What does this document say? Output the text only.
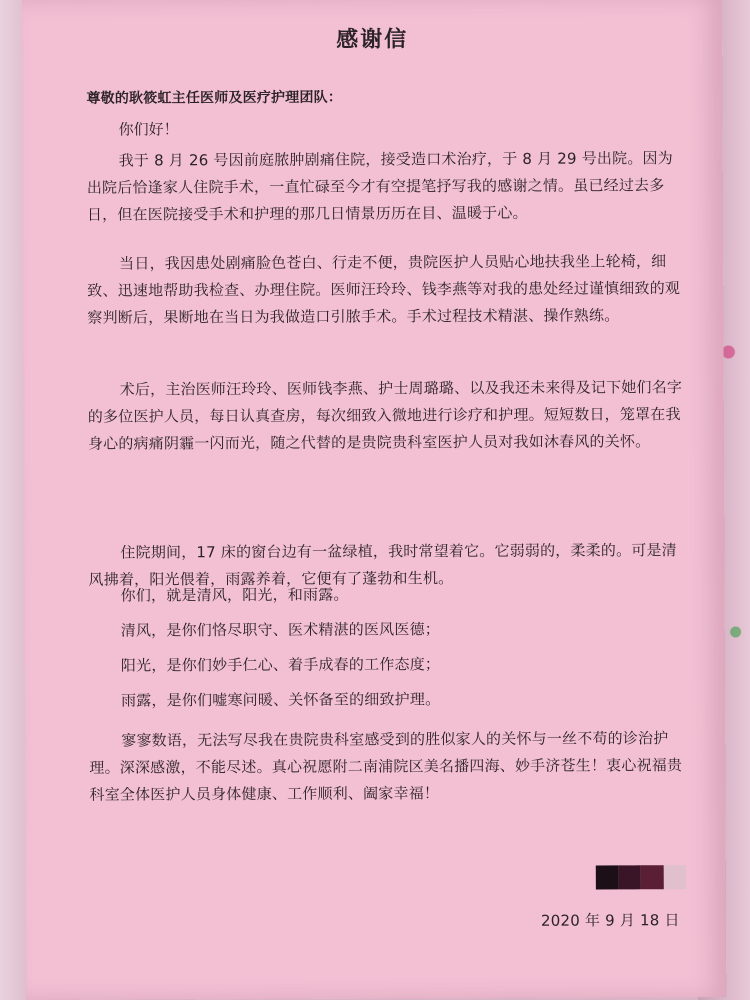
感谢信
尊敬的耿筱虹主任医师及医疗护理团队：
你们好！
我于 8 月 26 号因前庭脓肿剧痛住院，接受造口术治疗，于 8 月 29 号出院。因为出院后恰逢家人住院手术，一直忙碌至今才有空提笔抒写我的感谢之情。虽已经过去多日，但在医院接受手术和护理的那几日情景历历在目、温暖于心。
当日，我因患处剧痛脸色苍白、行走不便，贵院医护人员贴心地扶我坐上轮椅，细致、迅速地帮助我检查、办理住院。医师汪玲玲、钱李燕等对我的患处经过谨慎细致的观察判断后，果断地在当日为我做造口引脓手术。手术过程技术精湛、操作熟练。
术后，主治医师汪玲玲、医师钱李燕、护士周璐璐、以及我还未来得及记下她们名字的多位医护人员，每日认真查房，每次细致入微地进行诊疗和护理。短短数日，笼罩在我身心的病痛阴霾一闪而光，随之代替的是贵院贵科室医护人员对我如沐春风的关怀。
住院期间，17 床的窗台边有一盆绿植，我时常望着它。它弱弱的，柔柔的。可是清风拂着，阳光偎着，雨露养着，它便有了蓬勃和生机。
你们，就是清风，阳光，和雨露。
清风，是你们恪尽职守、医术精湛的医风医德；
阳光，是你们妙手仁心、着手成春的工作态度；
雨露，是你们嘘寒问暖、关怀备至的细致护理。
寥寥数语，无法写尽我在贵院贵科室感受到的胜似家人的关怀与一丝不苟的诊治护理。深深感激，不能尽述。真心祝愿附二南浦院区美名播四海、妙手济苍生！衷心祝福贵科室全体医护人员身体健康、工作顺利、阖家幸福！
2020 年 9 月 18 日
